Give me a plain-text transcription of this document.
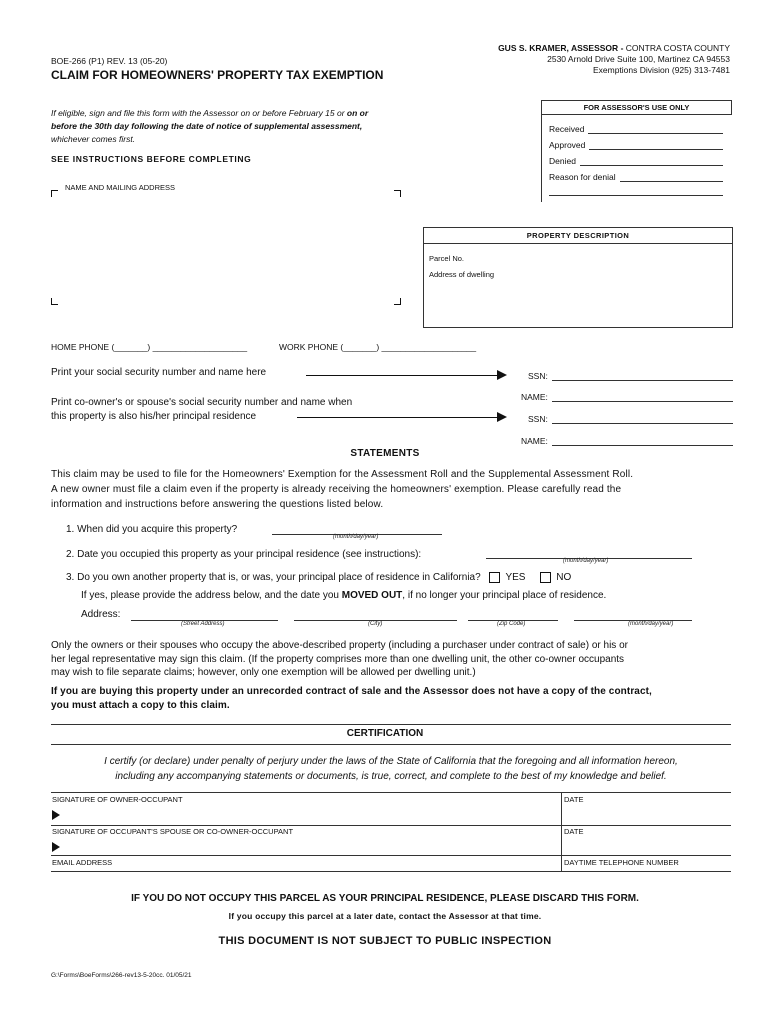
BOE-266 (P1) REV. 13 (05-20)
CLAIM FOR HOMEOWNERS' PROPERTY TAX EXEMPTION
GUS S. KRAMER, ASSESSOR - CONTRA COSTA COUNTY
2530 Arnold Drive Suite 100, Martinez CA 94553
Exemptions Division (925) 313-7481
If eligible, sign and file this form with the Assessor on or before February 15 or on or
before the 30th day following the date of notice of supplemental assessment,
whichever comes first.
SEE INSTRUCTIONS BEFORE COMPLETING
FOR ASSESSOR'S USE ONLY
Received
Approved
Denied
Reason for denial
NAME AND MAILING ADDRESS
PROPERTY DESCRIPTION
Parcel No.
Address of dwelling
HOME PHONE (_______) ____________________	WORK PHONE (_______) ____________________
Print your social security number and name here
Print co-owner's or spouse's social security number and name when
this property is also his/her principal residence
SSN:
NAME:
SSN:
NAME:
STATEMENTS
This claim may be used to file for the Homeowners' Exemption for the Assessment Roll and the Supplemental Assessment Roll.
A new owner must file a claim even if the property is already receiving the homeowners' exemption. Please carefully read the
information and instructions before answering the questions listed below.
1. When did you acquire this property?
(month/day/year)
2. Date you occupied this property as your principal residence (see instructions):
(month/day/year)
3. Do you own another property that is, or was, your principal place of residence in California? YES	NO
If yes, please provide the address below, and the date you MOVED OUT, if no longer your principal place of residence.
Address:
(Street Address)	(City)	(Zip Code)	(month/day/year)
Only the owners or their spouses who occupy the above-described property (including a purchaser under contract of sale) or his or
her legal representative may sign this claim. (If the property comprises more than one dwelling unit, the other co-owner occupants
may wish to file separate claims; however, only one exemption will be allowed per dwelling unit.)
If you are buying this property under an unrecorded contract of sale and the Assessor does not have a copy of the contract,
you must attach a copy to this claim.
CERTIFICATION
I certify (or declare) under penalty of perjury under the laws of the State of California that the foregoing and all information hereon,
including any accompanying statements or documents, is true, correct, and complete to the best of my knowledge and belief.
SIGNATURE OF OWNER-OCCUPANT	DATE
SIGNATURE OF OCCUPANT'S SPOUSE OR CO-OWNER-OCCUPANT	DATE
EMAIL ADDRESS	DAYTIME TELEPHONE NUMBER
IF YOU DO NOT OCCUPY THIS PARCEL AS YOUR PRINCIPAL RESIDENCE, PLEASE DISCARD THIS FORM.
If you occupy this parcel at a later date, contact the Assessor at that time.
THIS DOCUMENT IS NOT SUBJECT TO PUBLIC INSPECTION
G:\Forms\BoeForms\266-rev13-5-20cc. 01/05/21
